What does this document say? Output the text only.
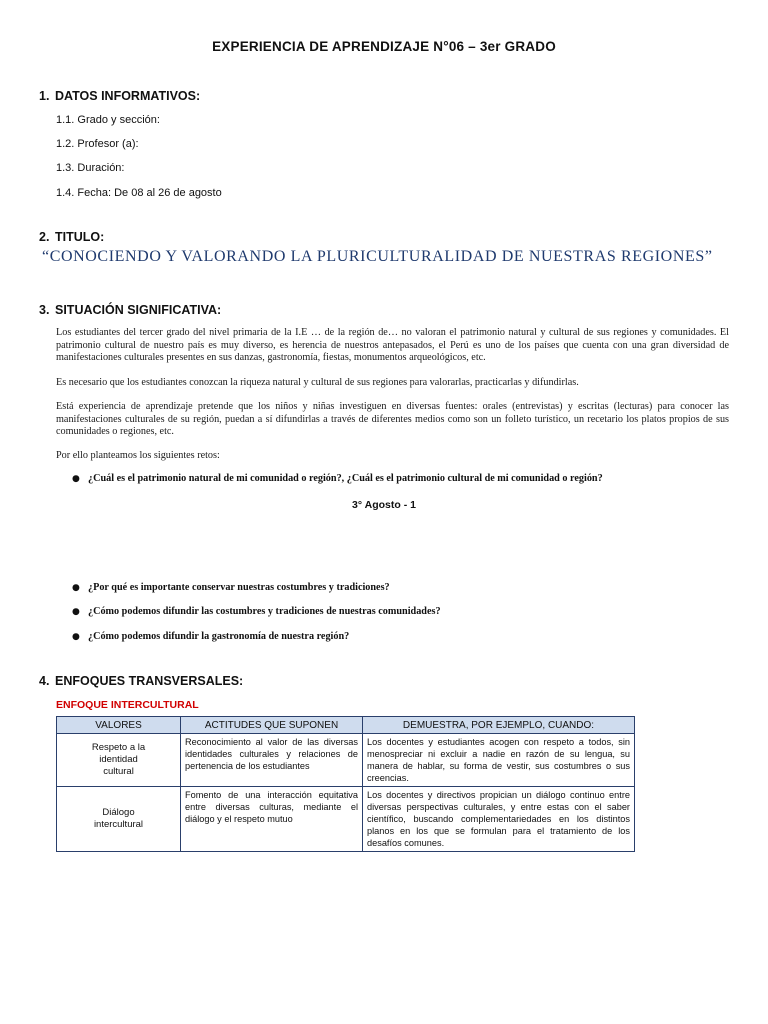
EXPERIENCIA DE APRENDIZAJE N°06 – 3er GRADO
1. DATOS INFORMATIVOS:
1.1. Grado y sección:
1.2. Profesor (a):
1.3. Duración:
1.4. Fecha: De 08 al 26 de agosto
2. TITULO:
“CONOCIENDO Y VALORANDO LA PLURICULTURALIDAD DE NUESTRAS REGIONES”
3. SITUACIÓN SIGNIFICATIVA:
Los estudiantes del tercer grado del nivel primaria de la I.E … de la región de… no valoran el patrimonio natural y cultural de sus regiones y comunidades. El patrimonio cultural de nuestro país es muy diverso, es herencia de nuestros antepasados, el Perú es uno de los países que cuenta con una gran diversidad de manifestaciones culturales presentes en sus danzas, gastronomía, fiestas, monumentos arqueológicos, etc.
Es necesario que los estudiantes conozcan la riqueza natural y cultural de sus regiones para valorarlas, practicarlas y difundirlas.
Está experiencia de aprendizaje pretende que los niños y niñas investiguen en diversas fuentes: orales (entrevistas) y escritas (lecturas) para conocer las manifestaciones culturales de su región, puedan a sí difundirlas a través de diferentes medios como son un folleto turístico, un recetario los platos propios de sus comunidades o regiones, etc.
Por ello planteamos los siguientes retos:
● ¿Cuál es el patrimonio natural de mi comunidad o región?, ¿Cuál es el patrimonio cultural de mi comunidad o región?
3° Agosto - 1
● ¿Por qué es importante conservar nuestras costumbres y tradiciones?
● ¿Cómo podemos difundir las costumbres y tradiciones de nuestras comunidades?
● ¿Cómo podemos difundir la gastronomía de nuestra región?
4. ENFOQUES TRANSVERSALES:
ENFOQUE INTERCULTURAL
VALORES	ACTITUDES QUE SUPONEN	DEMUESTRA, POR EJEMPLO, CUANDO:

Respeto a la identidad cultural	Reconocimiento al valor de las diversas identidades culturales y relaciones de pertenencia de los estudiantes	Los docentes y estudiantes acogen con respeto a todos, sin menospreciar ni excluir a nadie en razón de su lengua, su manera de hablar, su forma de vestir, sus costumbres o sus creencias.

Diálogo intercultural	Fomento de una interacción equitativa entre diversas culturas, mediante el diálogo y el respeto mutuo	Los docentes y directivos propician un diálogo continuo entre diversas perspectivas culturales, y entre estas con el saber científico, buscando complementariedades en los distintos planos en los que se formulan para el tratamiento de los desafíos comunes.
